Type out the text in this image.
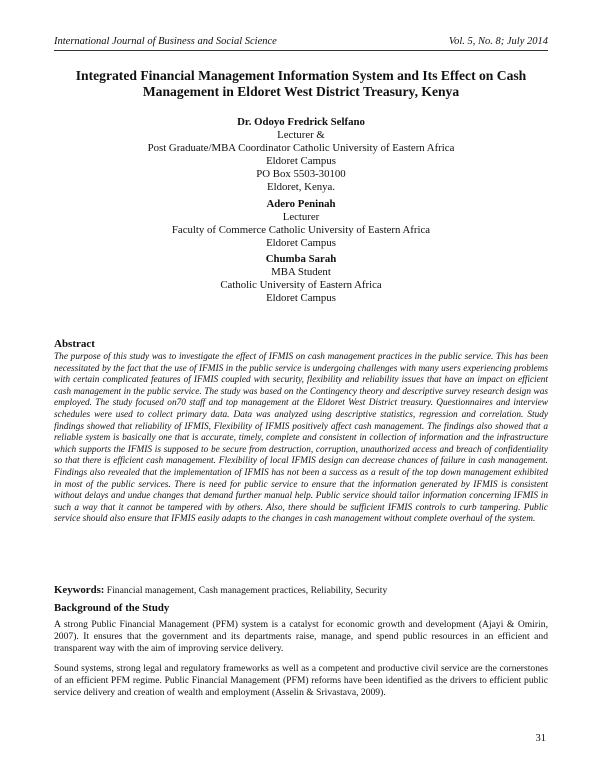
International Journal of Business and Social Science	Vol. 5, No. 8; July 2014
Integrated Financial Management Information System and Its Effect on Cash
Management in Eldoret West District Treasury, Kenya
Dr. Odoyo Fredrick Selfano
Lecturer &
Post Graduate/MBA Coordinator Catholic University of Eastern Africa
Eldoret Campus
PO Box 5503-30100
Eldoret, Kenya.
Adero Peninah
Lecturer
Faculty of Commerce Catholic University of Eastern Africa
Eldoret Campus
Chumba Sarah
MBA Student
Catholic University of Eastern Africa
Eldoret Campus
Abstract
The purpose of this study was to investigate the effect of IFMIS on cash management practices in the public service. This has been necessitated by the fact that the use of IFMIS in the public service is undergoing challenges with many users experiencing problems with certain complicated features of IFMIS coupled with security, flexibility and reliability issues that have an impact on efficient cash management in the public service. The study was based on the Contingency theory and descriptive survey research design was employed. The study focused on70 staff and top management at the Eldoret West District treasury. Questionnaires and interview schedules were used to collect primary data. Data was analyzed using descriptive statistics, regression and correlation. Study findings showed that reliability of IFMIS, Flexibility of IFMIS positively affect cash management. The findings also showed that a reliable system is basically one that is accurate, timely, complete and consistent in collection of information and the infrastructure which supports the IFMIS is supposed to be secure from destruction, corruption, unauthorized access and breach of confidentiality so that there is efficient cash management. Flexibility of local IFMIS design can decrease chances of failure in cash management. Findings also revealed that the implementation of IFMIS has not been a success as a result of the top down management exhibited in most of the public services. There is need for public service to ensure that the information generated by IFMIS is consistent without delays and undue changes that demand further manual help. Public service should tailor information concerning IFMIS in such a way that it cannot be tampered with by others. Also, there should be sufficient IFMIS controls to curb tampering. Public service should also ensure that IFMIS easily adapts to the changes in cash management without complete overhaul of the system.
Keywords: Financial management, Cash management practices, Reliability, Security
Background of the Study
A strong Public Financial Management (PFM) system is a catalyst for economic growth and development (Ajayi & Omirin, 2007). It ensures that the government and its departments raise, manage, and spend public resources in an efficient and transparent way with the aim of improving service delivery.
Sound systems, strong legal and regulatory frameworks as well as a competent and productive civil service are the cornerstones of an efficient PFM regime. Public Financial Management (PFM) reforms have been identified as the drivers to efficient public service delivery and creation of wealth and employment (Asselin & Srivastava, 2009).
31
